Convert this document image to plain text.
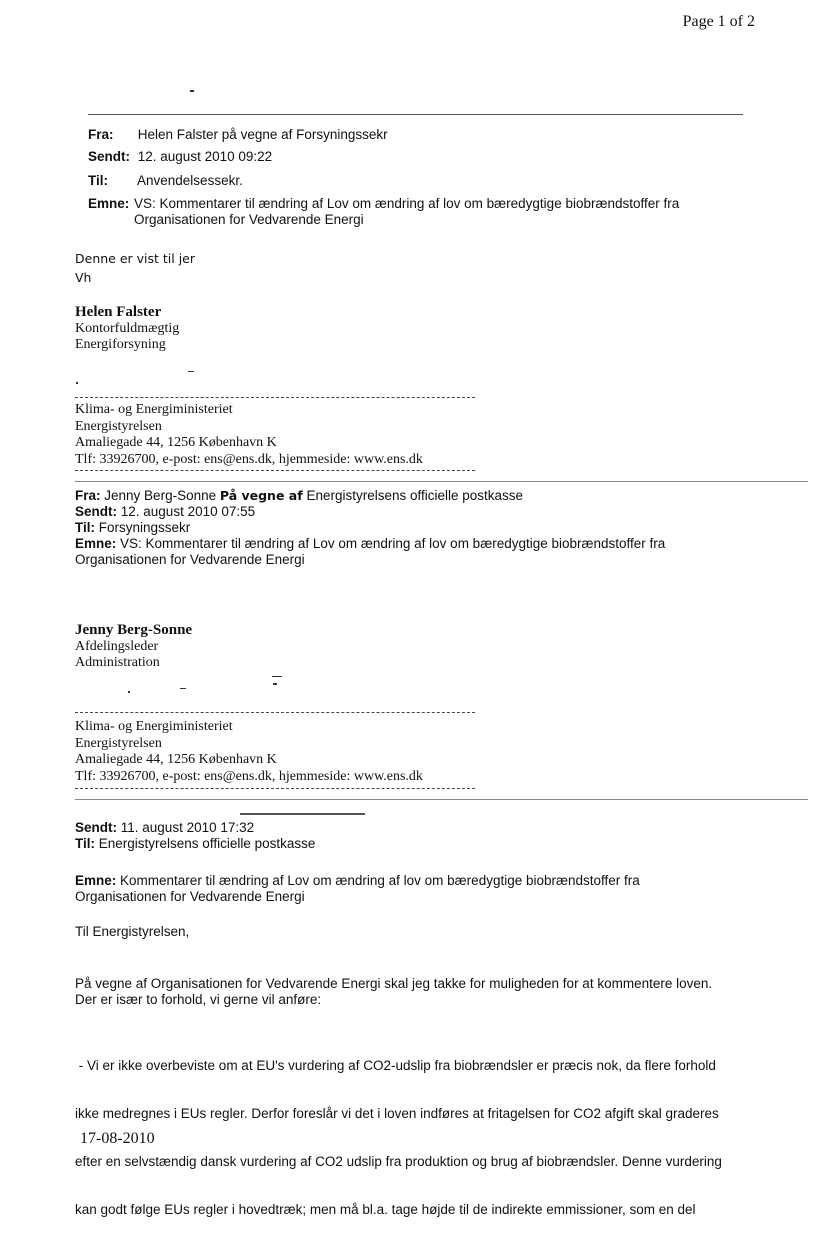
Page 1 of 2
Fra: Helen Falster på vegne af Forsyningssekr
Sendt: 12. august 2010 09:22
Til: Anvendelsessekr.
Emne: VS: Kommentarer til ændring af Lov om ændring af lov om bæredygtige biobrændstoffer fra
Organisationen for Vedvarende Energi
Denne er vist til jer
Vh
Helen Falster
Kontorfuldmægtig
Energiforsyning
Klima- og Energiministeriet
Energistyrelsen
Amaliegade 44, 1256 København K
Tlf: 33926700, e-post: ens@ens.dk, hjemmeside: www.ens.dk
Fra: Jenny Berg-Sonne På vegne af Energistyrelsens officielle postkasse
Sendt: 12. august 2010 07:55
Til: Forsyningssekr
Emne: VS: Kommentarer til ændring af Lov om ændring af lov om bæredygtige biobrændstoffer fra
Organisationen for Vedvarende Energi
Jenny Berg-Sonne
Afdelingsleder
Administration
Klima- og Energiministeriet
Energistyrelsen
Amaliegade 44, 1256 København K
Tlf: 33926700, e-post: ens@ens.dk, hjemmeside: www.ens.dk
Sendt: 11. august 2010 17:32
Til: Energistyrelsens officielle postkasse
Emne: Kommentarer til ændring af Lov om ændring af lov om bæredygtige biobrændstoffer fra
Organisationen for Vedvarende Energi
Til Energistyrelsen,
På vegne af Organisationen for Vedvarende Energi skal jeg takke for muligheden for at kommentere loven.
Der er især to forhold, vi gerne vil anføre:

- Vi er ikke overbeviste om at EU's vurdering af CO2-udslip fra biobrændsler er præcis nok, da flere forhold

ikke medregnes i EUs regler. Derfor foreslår vi det i loven indføres at fritagelsen for CO2 afgift skal graderes

efter en selvstændig dansk vurdering af CO2 udslip fra produktion og brug af biobrændsler. Denne vurdering

kan godt følge EUs regler i hovedtræk; men må bl.a. tage højde til de indirekte emmissioner, som en del

17-08-2010
